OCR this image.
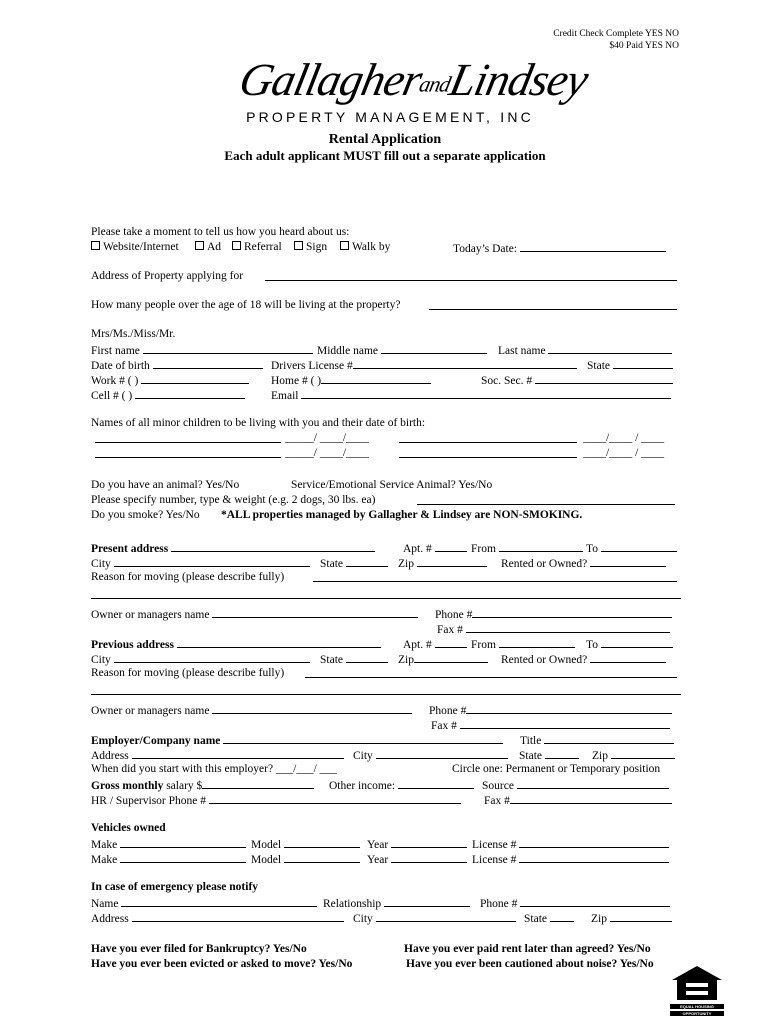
Credit Check Complete YES NO
$40 Paid YES NO
GallagherandLindsey
PROPERTY MANAGEMENT, INC
Rental Application
Each adult applicant MUST fill out a separate application
Please take a moment to tell us how you heard about us:
Website/Internet	Ad	Referral	Sign	Walk by	Today’s Date:
Address of Property applying for
How many people over the age of 18 will be living at the property?
Mrs/Ms./Miss/Mr.
First name	Middle name	Last name
Date of birth	Drivers License #	State
Work # ( )	Home # ( )	Soc. Sec. #
Cell # ( )	Email
Names of all minor children to be living with you and their date of birth:
_____/ ____/____	____/____ / ____
_____/ ____/____	____/____ / ____
Do you have an animal? Yes/No	Service/Emotional Service Animal? Yes/No
Please specify number, type & weight (e.g. 2 dogs, 30 lbs. ea)
Do you smoke? Yes/No *ALL properties managed by Gallagher & Lindsey are NON-SMOKING.
Present address	Apt. #	From	To
City	State	Zip	Rented or Owned?
Reason for moving (please describe fully)
Owner or managers name	Phone #
Fax #
Previous address	Apt. #	From	To
City	State	Zip	Rented or Owned?
Reason for moving (please describe fully)
Owner or managers name	Phone #
Fax #
Employer/Company name	Title
Address	City	State	Zip
When did you start with this employer? ___/___/ ___	Circle one: Permanent or Temporary position
Gross monthly salary $	Other income:	Source
HR / Supervisor Phone #	Fax #
Vehicles owned
Make	Model	Year	License #
Make	Model	Year	License #
In case of emergency please notify
Name	Relationship	Phone #
Address	City	State	Zip
Have you ever filed for Bankruptcy? Yes/No	Have you ever paid rent later than agreed? Yes/No
Have you ever been evicted or asked to move? Yes/No	Have you ever been cautioned about noise? Yes/No
EQUAL HOUSING
OPPORTUNITY
